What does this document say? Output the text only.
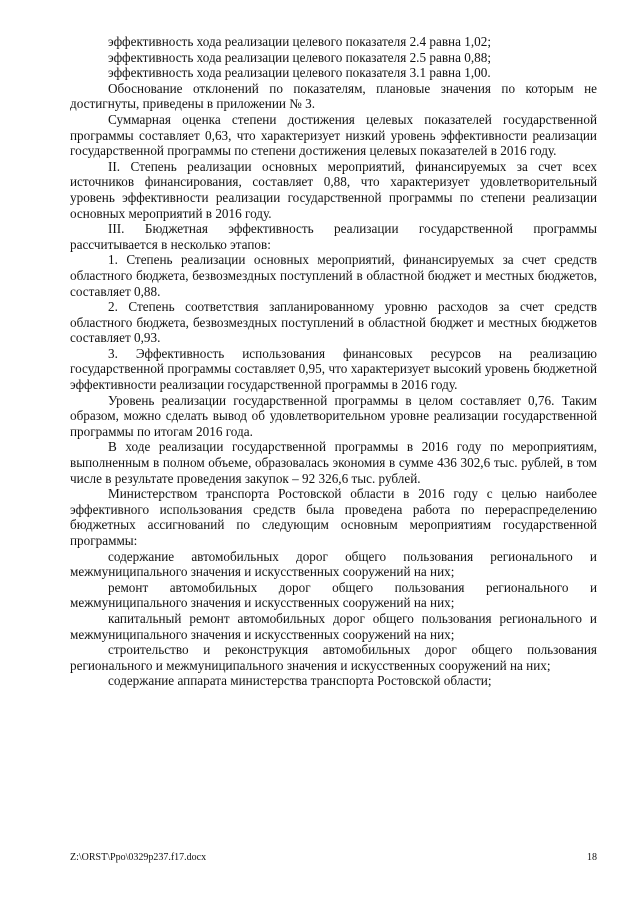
эффективность хода реализации целевого показателя 2.4 равна 1,02;

эффективность хода реализации целевого показателя 2.5 равна 0,88;

эффективность хода реализации целевого показателя 3.1 равна 1,00.

Обоснование отклонений по показателям, плановые значения по которым не достигнуты, приведены в приложении № 3.

Суммарная оценка степени достижения целевых показателей государственной программы составляет 0,63, что характеризует низкий уровень эффективности реализации государственной программы по степени достижения целевых показателей в 2016 году.

II. Степень реализации основных мероприятий, финансируемых за счет всех источников финансирования, составляет 0,88, что характеризует удовлетворительный уровень эффективности реализации государственной программы по степени реализации основных мероприятий в 2016 году.

III. Бюджетная эффективность реализации государственной программы рассчитывается в несколько этапов:

1. Степень реализации основных мероприятий, финансируемых за счет средств областного бюджета, безвозмездных поступлений в областной бюджет и местных бюджетов, составляет 0,88.

2. Степень соответствия запланированному уровню расходов за счет средств областного бюджета, безвозмездных поступлений в областной бюджет и местных бюджетов составляет 0,93.

3. Эффективность использования финансовых ресурсов на реализацию государственной программы составляет 0,95, что характеризует высокий уровень бюджетной эффективности реализации государственной программы в 2016 году.

Уровень реализации государственной программы в целом составляет 0,76. Таким образом, можно сделать вывод об удовлетворительном уровне реализации государственной программы по итогам 2016 года.

В ходе реализации государственной программы в 2016 году по мероприятиям, выполненным в полном объеме, образовалась экономия в сумме 436 302,6 тыс. рублей, в том числе в результате проведения закупок – 92 326,6 тыс. рублей.

Министерством транспорта Ростовской области в 2016 году с целью наиболее эффективного использования средств была проведена работа по перераспределению бюджетных ассигнований по следующим основным мероприятиям государственной программы:

содержание автомобильных дорог общего пользования регионального и межмуниципального значения и искусственных сооружений на них;

ремонт автомобильных дорог общего пользования регионального и межмуниципального значения и искусственных сооружений на них;

капитальный ремонт автомобильных дорог общего пользования регионального и межмуниципального значения и искусственных сооружений на них;

строительство и реконструкция автомобильных дорог общего пользования регионального и межмуниципального значения и искусственных сооружений на них;

содержание аппарата министерства транспорта Ростовской области;

Z:\ORST\Ppo\0329p237.f17.docx	18
